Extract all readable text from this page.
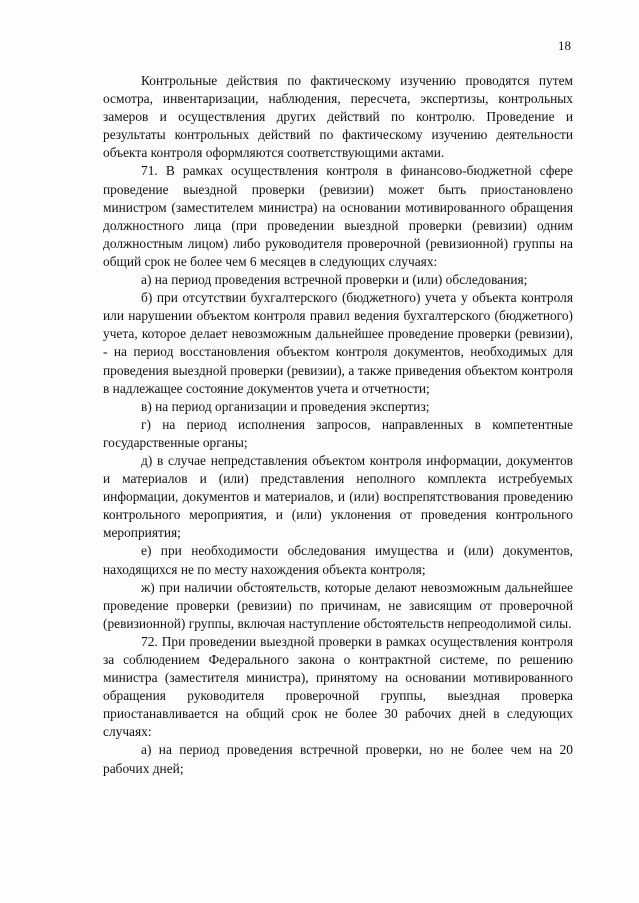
18

Контрольные действия по фактическому изучению проводятся путем осмотра, инвентаризации, наблюдения, пересчета, экспертизы, контрольных замеров и осуществления других действий по контролю. Проведение и результаты контрольных действий по фактическому изучению деятельности объекта контроля оформляются соответствующими актами.

71. В рамках осуществления контроля в финансово-бюджетной сфере проведение выездной проверки (ревизии) может быть приостановлено министром (заместителем министра) на основании мотивированного обращения должностного лица (при проведении выездной проверки (ревизии) одним должностным лицом) либо руководителя проверочной (ревизионной) группы на общий срок не более чем 6 месяцев в следующих случаях:

а) на период проведения встречной проверки и (или) обследования;

б) при отсутствии бухгалтерского (бюджетного) учета у объекта контроля или нарушении объектом контроля правил ведения бухгалтерского (бюджетного) учета, которое делает невозможным дальнейшее проведение проверки (ревизии), - на период восстановления объектом контроля документов, необходимых для проведения выездной проверки (ревизии), а также приведения объектом контроля в надлежащее состояние документов учета и отчетности;

в) на период организации и проведения экспертиз;

г) на период исполнения запросов, направленных в компетентные государственные органы;

д) в случае непредставления объектом контроля информации, документов и материалов и (или) представления неполного комплекта истребуемых информации, документов и материалов, и (или) воспрепятствования проведению контрольного мероприятия, и (или) уклонения от проведения контрольного мероприятия;

е) при необходимости обследования имущества и (или) документов, находящихся не по месту нахождения объекта контроля;

ж) при наличии обстоятельств, которые делают невозможным дальнейшее проведение проверки (ревизии) по причинам, не зависящим от проверочной (ревизионной) группы, включая наступление обстоятельств непреодолимой силы.

72. При проведении выездной проверки в рамках осуществления контроля за соблюдением Федерального закона о контрактной системе, по решению министра (заместителя министра), принятому на основании мотивированного обращения руководителя проверочной группы, выездная проверка приостанавливается на общий срок не более 30 рабочих дней в следующих случаях:

а) на период проведения встречной проверки, но не более чем на 20 рабочих дней;
